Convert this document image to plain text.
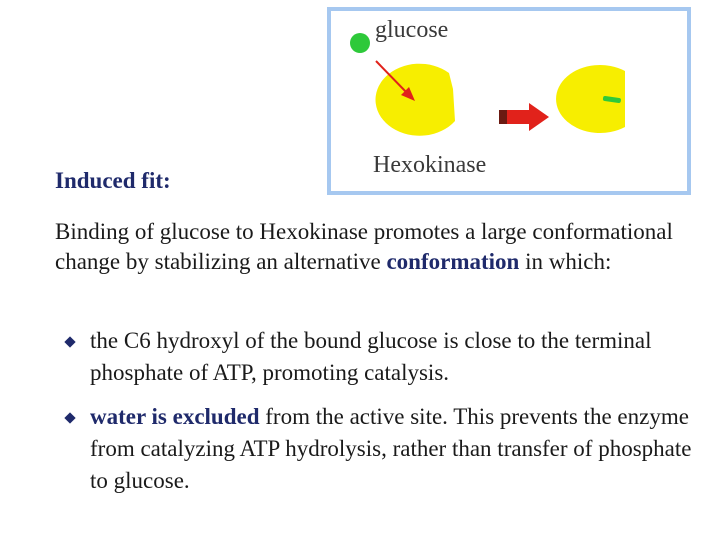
glucose
Hexokinase
Induced fit:
Binding of glucose to Hexokinase promotes a large conformational change by stabilizing an alternative conformation in which:
the C6 hydroxyl of the bound glucose is close to the terminal phosphate of ATP, promoting catalysis.
water is excluded from the active site. This prevents the enzyme from catalyzing ATP hydrolysis, rather than transfer of phosphate to glucose.
